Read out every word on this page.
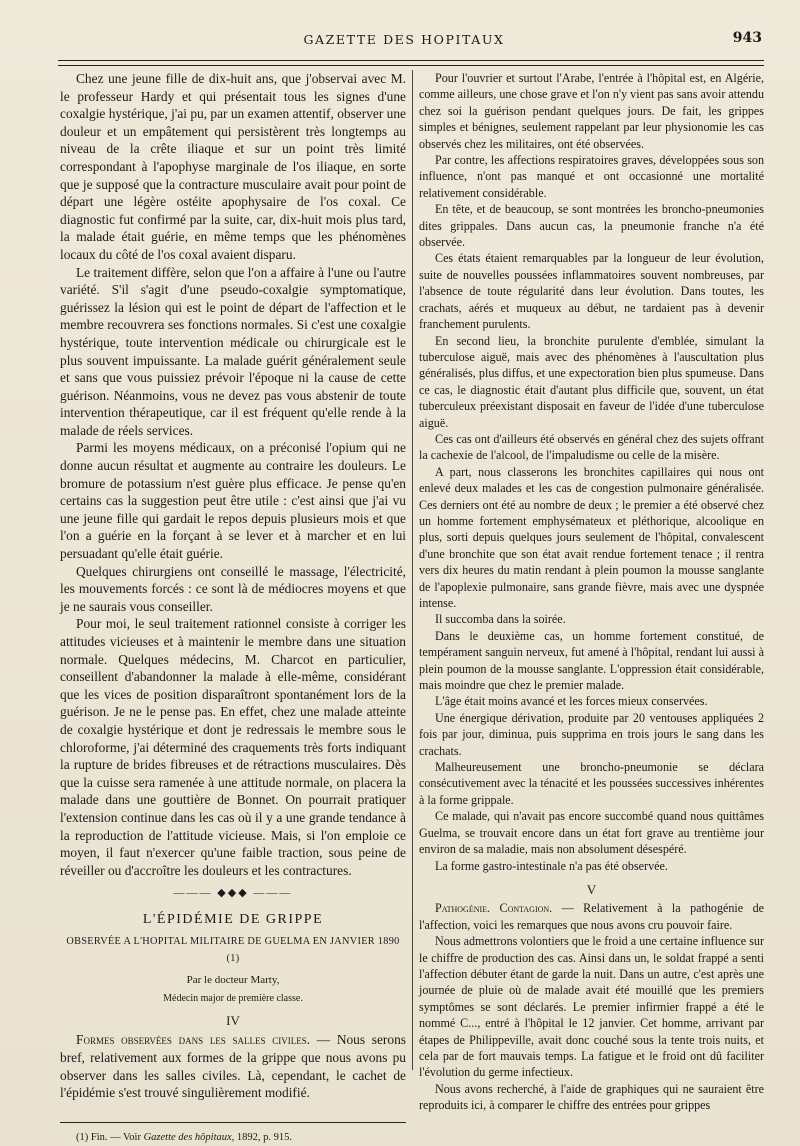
GAZETTE DES HOPITAUX	943

Chez une jeune fille de dix-huit ans, que j'observai avec M. le professeur Hardy et qui présentait tous les signes d'une coxalgie hystérique, j'ai pu, par un examen attentif, observer une douleur et un empâtement qui persistèrent très longtemps au niveau de la crête iliaque et sur un point très limité correspondant à l'apophyse marginale de l'os iliaque, en sorte que je supposé que la contracture musculaire avait pour point de départ une légère ostéite apophysaire de l'os coxal. Ce diagnostic fut confirmé par la suite, car, dix-huit mois plus tard, la malade était guérie, en même temps que les phénomènes locaux du côté de l'os coxal avaient disparu.

Le traitement diffère, selon que l'on a affaire à l'une ou l'autre variété. S'il s'agit d'une pseudo-coxalgie symptomatique, guérissez la lésion qui est le point de départ de l'affection et le membre recouvrera ses fonctions normales. Si c'est une coxalgie hystérique, toute intervention médicale ou chirurgicale est le plus souvent impuissante. La malade guérit généralement seule et sans que vous puissiez prévoir l'époque ni la cause de cette guérison. Néanmoins, vous ne devez pas vous abstenir de toute intervention thérapeutique, car il est fréquent qu'elle rende à la malade de réels services.

Parmi les moyens médicaux, on a préconisé l'opium qui ne donne aucun résultat et augmente au contraire les douleurs. Le bromure de potassium n'est guère plus efficace. Je pense qu'en certains cas la suggestion peut être utile : c'est ainsi que j'ai vu une jeune fille qui gardait le repos depuis plusieurs mois et que l'on a guérie en la forçant à se lever et à marcher et en lui persuadant qu'elle était guérie.

Quelques chirurgiens ont conseillé le massage, l'électricité, les mouvements forcés : ce sont là de médiocres moyens et que je ne saurais vous conseiller.

Pour moi, le seul traitement rationnel consiste à corriger les attitudes vicieuses et à maintenir le membre dans une situation normale. Quelques médecins, M. Charcot en particulier, conseillent d'abandonner la malade à elle-même, considérant que les vices de position disparaîtront spontanément lors de la guérison. Je ne le pense pas. En effet, chez une malade atteinte de coxalgie hystérique et dont je redressais le membre sous le chloroforme, j'ai déterminé des craquements très forts indiquant la rupture de brides fibreuses et de rétractions musculaires. Dès que la cuisse sera ramenée à une attitude normale, on placera la malade dans une gouttière de Bonnet. On pourrait pratiquer l'extension continue dans les cas où il y a une grande tendance à la reproduction de l'attitude vicieuse. Mais, si l'on emploie ce moyen, il faut n'exercer qu'une faible traction, sous peine de réveiller ou d'accroître les douleurs et les contractures.

——— ◆◆◆ ———
L'ÉPIDÉMIE DE GRIPPE
OBSERVÉE A L'HOPITAL MILITAIRE DE GUELMA EN JANVIER 1890 (1)
Par le docteur Marty,
Médecin major de première classe.
IV

Formes observées dans les salles civiles. — Nous serons bref, relativement aux formes de la grippe que nous avons pu observer dans les salles civiles. Là, cependant, le cachet de l'épidémie s'est trouvé singulièrement modifié.

(1) Fin. — Voir Gazette des hôpitaux, 1892, p. 915.

Pour l'ouvrier et surtout l'Arabe, l'entrée à l'hôpital est, en Algérie, comme ailleurs, une chose grave et l'on n'y vient pas sans avoir attendu chez soi la guérison pendant quelques jours. De fait, les grippes simples et bénignes, seulement rappelant par leur physionomie les cas observés chez les militaires, ont été observées.

Par contre, les affections respiratoires graves, développées sous son influence, n'ont pas manqué et ont occasionné une mortalité relativement considérable.

En tête, et de beaucoup, se sont montrées les broncho-pneumonies dites grippales. Dans aucun cas, la pneumonie franche n'a été observée.

Ces états étaient remarquables par la longueur de leur évolution, suite de nouvelles poussées inflammatoires souvent nombreuses, par l'absence de toute régularité dans leur évolution. Dans toutes, les crachats, aérés et muqueux au début, ne tardaient pas à devenir franchement purulents.

En second lieu, la bronchite purulente d'emblée, simulant la tuberculose aiguë, mais avec des phénomènes à l'auscultation plus généralisés, plus diffus, et une expectoration bien plus spumeuse. Dans ce cas, le diagnostic était d'autant plus difficile que, souvent, un état tuberculeux préexistant disposait en faveur de l'idée d'une tuberculose aiguë.

Ces cas ont d'ailleurs été observés en général chez des sujets offrant la cachexie de l'alcool, de l'impaludisme ou celle de la misère.

A part, nous classerons les bronchites capillaires qui nous ont enlevé deux malades et les cas de congestion pulmonaire généralisée. Ces derniers ont été au nombre de deux ; le premier a été observé chez un homme fortement emphysémateux et pléthorique, alcoolique en plus, sorti depuis quelques jours seulement de l'hôpital, convalescent d'une bronchite que son état avait rendue fortement tenace ; il rentra vers dix heures du matin rendant à plein poumon la mousse sanglante de l'apoplexie pulmonaire, sans grande fièvre, mais avec une dyspnée intense.

Il succomba dans la soirée.

Dans le deuxième cas, un homme fortement constitué, de tempérament sanguin nerveux, fut amené à l'hôpital, rendant lui aussi à plein poumon de la mousse sanglante. L'oppression était considérable, mais moindre que chez le premier malade.

L'âge était moins avancé et les forces mieux conservées.

Une énergique dérivation, produite par 20 ventouses appliquées 2 fois par jour, diminua, puis supprima en trois jours le sang dans les crachats.

Malheureusement une broncho-pneumonie se déclara consécutivement avec la ténacité et les poussées successives inhérentes à la forme grippale.

Ce malade, qui n'avait pas encore succombé quand nous quittâmes Guelma, se trouvait encore dans un état fort grave au trentième jour environ de sa maladie, mais non absolument désespéré.

La forme gastro-intestinale n'a pas été observée.

V

Pathogénie. Contagion. — Relativement à la pathogénie de l'affection, voici les remarques que nous avons cru pouvoir faire.

Nous admettrons volontiers que le froid a une certaine influence sur le chiffre de production des cas. Ainsi dans un, le soldat frappé a senti l'affection débuter étant de garde la nuit. Dans un autre, c'est après une journée de pluie où de malade avait été mouillé que les premiers symptômes se sont déclarés. Le premier infirmier frappé a été le nommé C..., entré à l'hôpital le 12 janvier. Cet homme, arrivant par étapes de Philippeville, avait donc couché sous la tente trois nuits, et cela par de fort mauvais temps. La fatigue et le froid ont dû faciliter l'évolution du germe infectieux.

Nous avons recherché, à l'aide de graphiques qui ne sauraient être reproduits ici, à comparer le chiffre des entrées pour grippes
